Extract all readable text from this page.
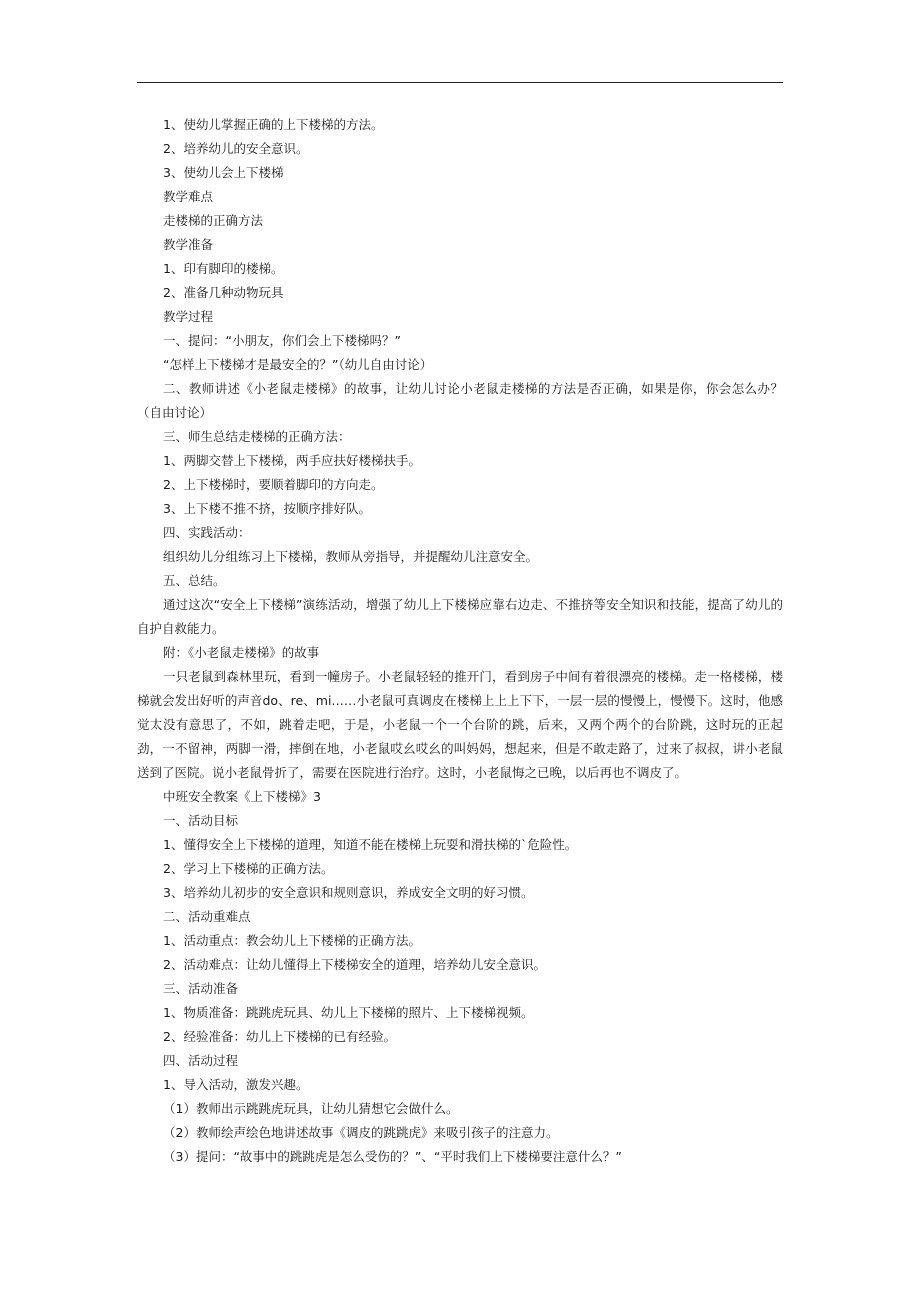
1、使幼儿掌握正确的上下楼梯的方法。

2、培养幼儿的安全意识。

3、使幼儿会上下楼梯

教学难点

走楼梯的正确方法

教学准备

1、印有脚印的楼梯。

2、准备几种动物玩具

教学过程

一、提问：“小朋友，你们会上下楼梯吗？”

“怎样上下楼梯才是最安全的？”（幼儿自由讨论）

二、教师讲述《小老鼠走楼梯》的故事，让幼儿讨论小老鼠走楼梯的方法是否正确，如果是你，你会怎么办？（自由讨论）

三、师生总结走楼梯的正确方法：

1、两脚交替上下楼梯，两手应扶好楼梯扶手。

2、上下楼梯时，要顺着脚印的方向走。

3、上下楼不推不挤，按顺序排好队。

四、实践活动：

组织幼儿分组练习上下楼梯，教师从旁指导，并提醒幼儿注意安全。

五、总结。

通过这次“安全上下楼梯”演练活动，增强了幼儿上下楼梯应靠右边走、不推挤等安全知识和技能，提高了幼儿的自护自救能力。

附：《小老鼠走楼梯》的故事

一只老鼠到森林里玩，看到一幢房子。小老鼠轻轻的推开门，看到房子中间有着很漂亮的楼梯。走一格楼梯，楼梯就会发出好听的声音do、re、mi……小老鼠可真调皮在楼梯上上上下下，一层一层的慢慢上，慢慢下。这时，他感觉太没有意思了，不如，跳着走吧，于是，小老鼠一个一个台阶的跳，后来，又两个两个的台阶跳，这时玩的正起劲，一不留神，两脚一滑，摔倒在地，小老鼠哎幺哎幺的叫妈妈，想起来，但是不敢走路了，过来了叔叔，讲小老鼠送到了医院。说小老鼠骨折了，需要在医院进行治疗。这时，小老鼠悔之已晚，以后再也不调皮了。

中班安全教案《上下楼梯》3

一、活动目标

1、懂得安全上下楼梯的道理，知道不能在楼梯上玩耍和滑扶梯的`危险性。

2、学习上下楼梯的正确方法。

3、培养幼儿初步的安全意识和规则意识，养成安全文明的好习惯。

二、活动重难点

1、活动重点：教会幼儿上下楼梯的正确方法。

2、活动难点：让幼儿懂得上下楼梯安全的道理，培养幼儿安全意识。

三、活动准备

1、物质准备：跳跳虎玩具、幼儿上下楼梯的照片、上下楼梯视频。

2、经验准备：幼儿上下楼梯的已有经验。

四、活动过程

1、导入活动，激发兴趣。

（1）教师出示跳跳虎玩具，让幼儿猜想它会做什么。

（2）教师绘声绘色地讲述故事《调皮的跳跳虎》来吸引孩子的注意力。

（3）提问：“故事中的跳跳虎是怎么受伤的？”、“平时我们上下楼梯要注意什么？”
